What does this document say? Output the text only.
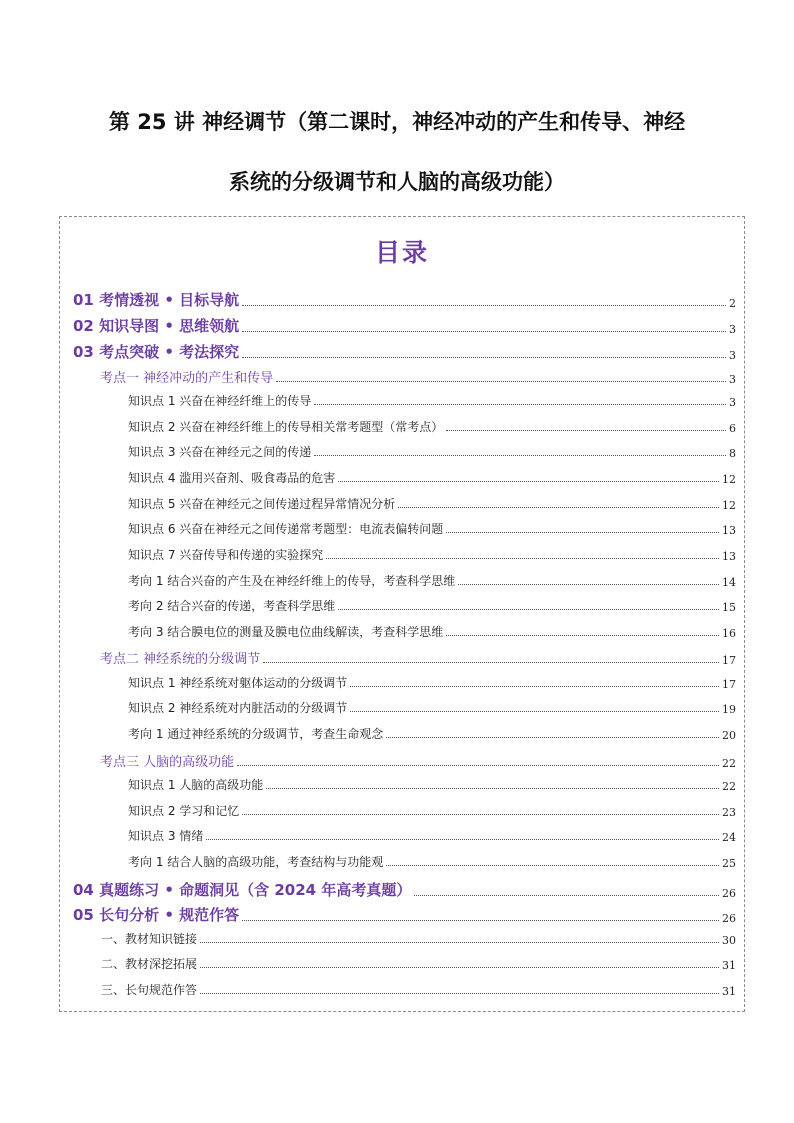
第 25 讲 神经调节（第二课时，神经冲动的产生和传导、神经
系统的分级调节和人脑的高级功能）
目录
01 考情透视 • 目标导航	2
02 知识导图 • 思维领航	3
03 考点突破 • 考法探究	3
考点一 神经冲动的产生和传导	3
知识点 1 兴奋在神经纤维上的传导	3
知识点 2 兴奋在神经纤维上的传导相关常考题型（常考点）	6
知识点 3 兴奋在神经元之间的传递	8
知识点 4 滥用兴奋剂、吸食毒品的危害	12
知识点 5 兴奋在神经元之间传递过程异常情况分析	12
知识点 6 兴奋在神经元之间传递常考题型：电流表偏转问题	13
知识点 7 兴奋传导和传递的实验探究	13
考向 1 结合兴奋的产生及在神经纤维上的传导，考查科学思维	14
考向 2 结合兴奋的传递，考查科学思维	15
考向 3 结合膜电位的测量及膜电位曲线解读，考查科学思维	16
考点二 神经系统的分级调节	17
知识点 1 神经系统对躯体运动的分级调节	17
知识点 2 神经系统对内脏活动的分级调节	19
考向 1 通过神经系统的分级调节，考查生命观念	20
考点三 人脑的高级功能	22
知识点 1 人脑的高级功能	22
知识点 2 学习和记忆	23
知识点 3 情绪	24
考向 1 结合人脑的高级功能，考查结构与功能观	25
04 真题练习 • 命题洞见（含 2024 年高考真题）	26
05 长句分析 • 规范作答	26
一、教材知识链接	30
二、教材深挖拓展	31
三、长句规范作答	31
